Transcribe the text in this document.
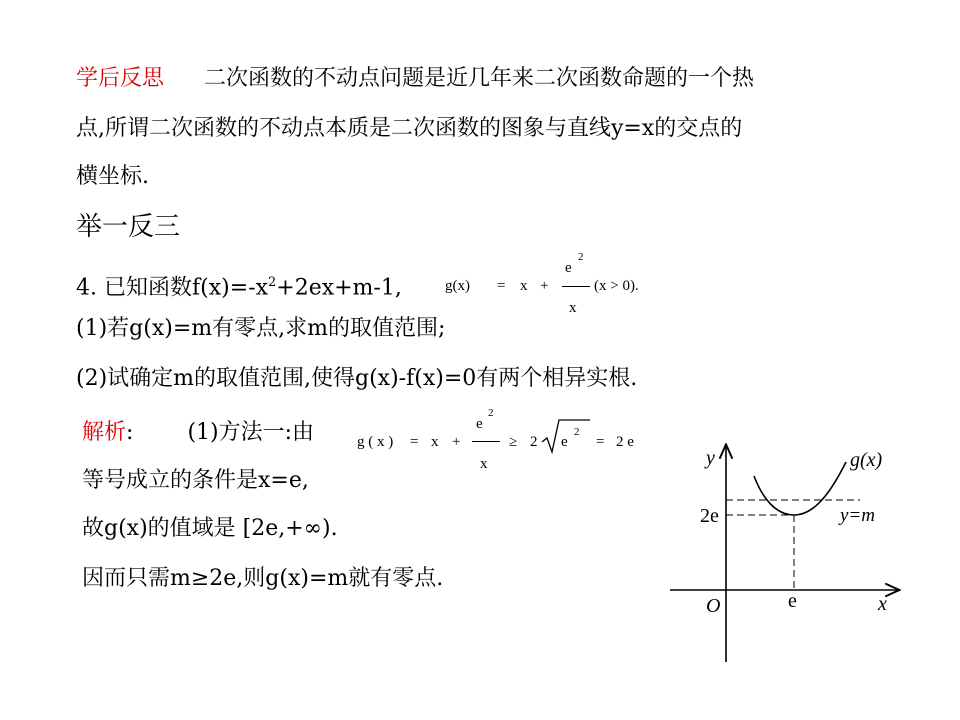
学后反思 二次函数的不动点问题是近几年来二次函数命题的一个热
点,所谓二次函数的不动点本质是二次函数的图象与直线y=x的交点的
横坐标.
举一反三
4. 已知函数$f(x)=-x^2+2ex+m-1$,	g(x) = x +
e
2
x
(x > 0).
(1)若g(x)=m有零点,求m的取值范围;
(2)试确定m的取值范围,使得g(x)-f(x)=0有两个相异实根.
解析: (1)方法一:由	g ( x ) = x +
e
2
x
≥ 2 e
2
= 2 e
等号成立的条件是x=e,
故g(x)的值域是 [2e,+∞).
因而只需m≥2e,则g(x)=m就有零点.
y
x
O
g(x)
y=m
2e
e
